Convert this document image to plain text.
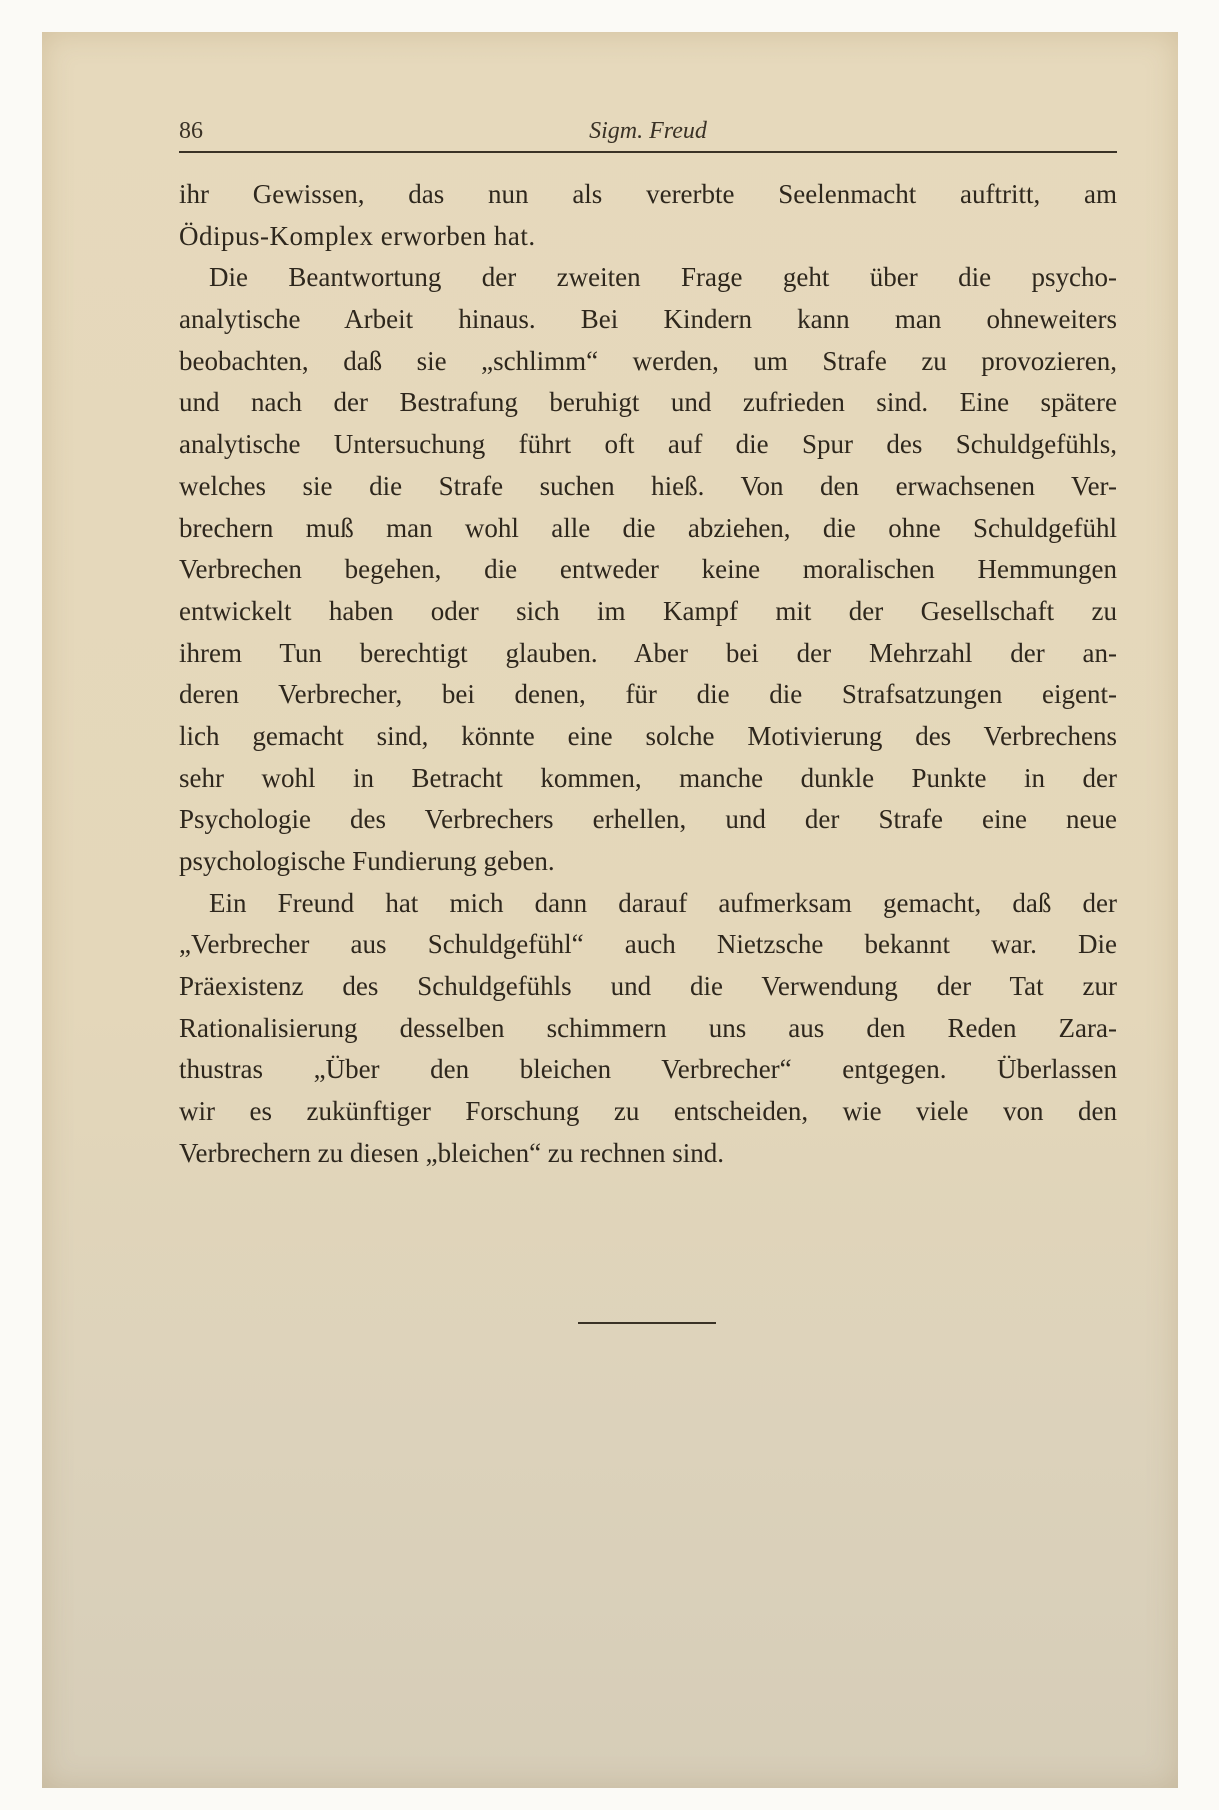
86	Sigm. Freud
ihr Gewissen, das nun als vererbte Seelenmacht auftritt, am
Ödipus-Komplex erworben hat.
Die Beantwortung der zweiten Frage geht über die psycho-
analytische Arbeit hinaus. Bei Kindern kann man ohneweiters
beobachten, daß sie „schlimm“ werden, um Strafe zu provozieren,
und nach der Bestrafung beruhigt und zufrieden sind. Eine spätere
analytische Untersuchung führt oft auf die Spur des Schuldgefühls,
welches sie die Strafe suchen hieß. Von den erwachsenen Ver-
brechern muß man wohl alle die abziehen, die ohne Schuldgefühl
Verbrechen begehen, die entweder keine moralischen Hemmungen
entwickelt haben oder sich im Kampf mit der Gesellschaft zu
ihrem Tun berechtigt glauben. Aber bei der Mehrzahl der an-
deren Verbrecher, bei denen, für die die Strafsatzungen eigent-
lich gemacht sind, könnte eine solche Motivierung des Verbrechens
sehr wohl in Betracht kommen, manche dunkle Punkte in der
Psychologie des Verbrechers erhellen, und der Strafe eine neue
psychologische Fundierung geben.
Ein Freund hat mich dann darauf aufmerksam gemacht, daß der
„Verbrecher aus Schuldgefühl“ auch Nietzsche bekannt war. Die
Präexistenz des Schuldgefühls und die Verwendung der Tat zur
Rationalisierung desselben schimmern uns aus den Reden Zara-
thustras „Über den bleichen Verbrecher“ entgegen. Überlassen
wir es zukünftiger Forschung zu entscheiden, wie viele von den
Verbrechern zu diesen „bleichen“ zu rechnen sind.
